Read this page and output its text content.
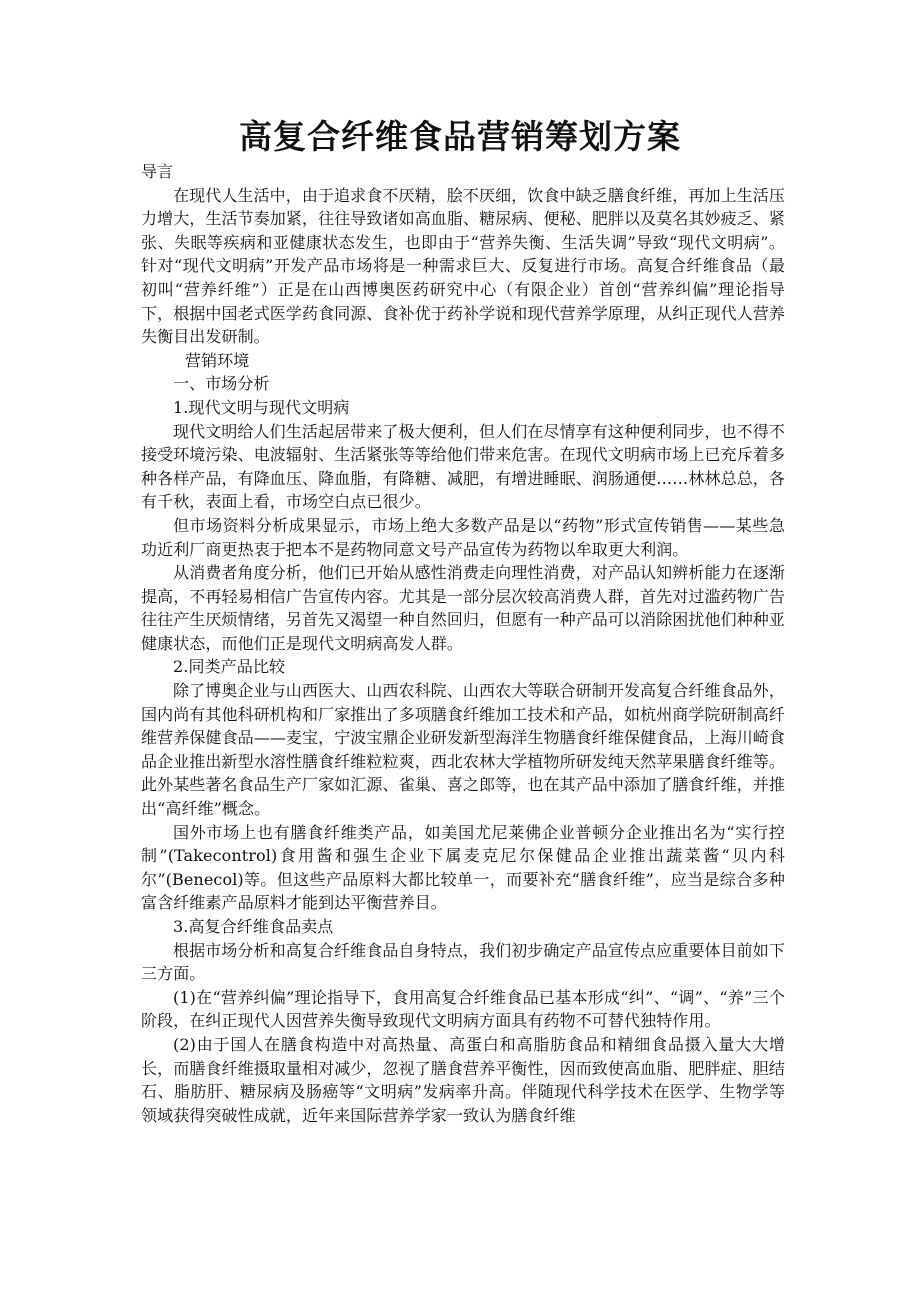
高复合纤维食品营销筹划方案

导言

在现代人生活中，由于追求食不厌精，脍不厌细，饮食中缺乏膳食纤维，再加上生活压力增大，生活节奏加紧，往往导致诸如高血脂、糖尿病、便秘、肥胖以及莫名其妙疲乏、紧张、失眠等疾病和亚健康状态发生，也即由于“营养失衡、生活失调”导致“现代文明病”。针对“现代文明病”开发产品市场将是一种需求巨大、反复进行市场。高复合纤维食品（最初叫“营养纤维”）正是在山西博奥医药研究中心（有限企业）首创“营养纠偏”理论指导下，根据中国老式医学药食同源、食补优于药补学说和现代营养学原理，从纠正现代人营养失衡目出发研制。

营销环境

一、市场分析

1.现代文明与现代文明病

现代文明给人们生活起居带来了极大便利，但人们在尽情享有这种便利同步，也不得不接受环境污染、电波辐射、生活紧张等等给他们带来危害。在现代文明病市场上已充斥着多种各样产品，有降血压、降血脂，有降糖、减肥，有增进睡眠、润肠通便……林林总总，各有千秋，表面上看，市场空白点已很少。

但市场资料分析成果显示，市场上绝大多数产品是以“药物”形式宣传销售——某些急功近利厂商更热衷于把本不是药物同意文号产品宣传为药物以牟取更大利润。

从消费者角度分析，他们已开始从感性消费走向理性消费，对产品认知辨析能力在逐渐提高，不再轻易相信广告宣传内容。尤其是一部分层次较高消费人群，首先对过滥药物广告往往产生厌烦情绪，另首先又渴望一种自然回归，但愿有一种产品可以消除困扰他们种种亚健康状态，而他们正是现代文明病高发人群。

2.同类产品比较

除了博奥企业与山西医大、山西农科院、山西农大等联合研制开发高复合纤维食品外，国内尚有其他科研机构和厂家推出了多项膳食纤维加工技术和产品，如杭州商学院研制高纤维营养保健食品——麦宝，宁波宝鼎企业研发新型海洋生物膳食纤维保健食品，上海川崎食品企业推出新型水溶性膳食纤维粒粒爽，西北农林大学植物所研发纯天然苹果膳食纤维等。此外某些著名食品生产厂家如汇源、雀巢、喜之郎等，也在其产品中添加了膳食纤维，并推出“高纤维”概念。

国外市场上也有膳食纤维类产品，如美国尤尼莱佛企业普顿分企业推出名为“实行控制”(Takecontrol)食用酱和强生企业下属麦克尼尔保健品企业推出蔬菜酱“贝内科尔”(Benecol)等。但这些产品原料大都比较单一，而要补充“膳食纤维”，应当是综合多种富含纤维素产品原料才能到达平衡营养目。

3.高复合纤维食品卖点

根据市场分析和高复合纤维食品自身特点，我们初步确定产品宣传点应重要体目前如下三方面。

(1)在“营养纠偏”理论指导下，食用高复合纤维食品已基本形成“纠”、“调”、“养”三个阶段，在纠正现代人因营养失衡导致现代文明病方面具有药物不可替代独特作用。

(2)由于国人在膳食构造中对高热量、高蛋白和高脂肪食品和精细食品摄入量大大增长，而膳食纤维摄取量相对减少，忽视了膳食营养平衡性，因而致使高血脂、肥胖症、胆结石、脂肪肝、糖尿病及肠癌等“文明病”发病率升高。伴随现代科学技术在医学、生物学等领域获得突破性成就，近年来国际营养学家一致认为膳食纤维
